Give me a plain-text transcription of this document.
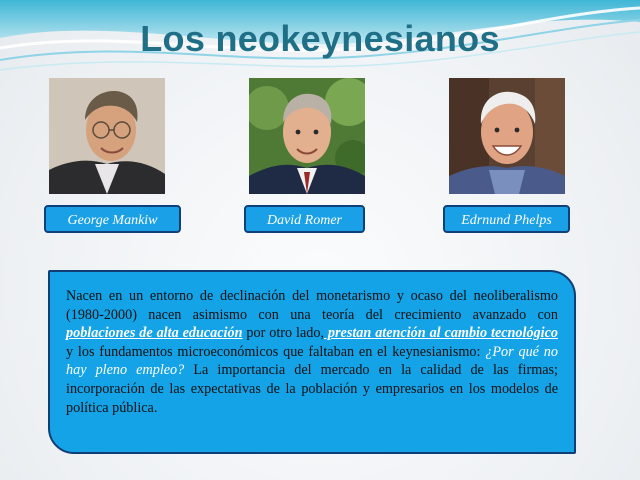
Los neokeynesianos
George Mankiw	David Romer	Edrnund Phelps
Nacen en un entorno de declinación del monetarismo y ocaso del neoliberalismo (1980-2000) nacen asimismo con una teoría del crecimiento avanzado con poblaciones de alta educación por otro lado, prestan atención al cambio tecnológico y los fundamentos microeconómicos que faltaban en el keynesianismo: ¿Por qué no hay pleno empleo? La importancia del mercado en la calidad de las firmas; incorporación de las expectativas de la población y empresarios en los modelos de política pública.
